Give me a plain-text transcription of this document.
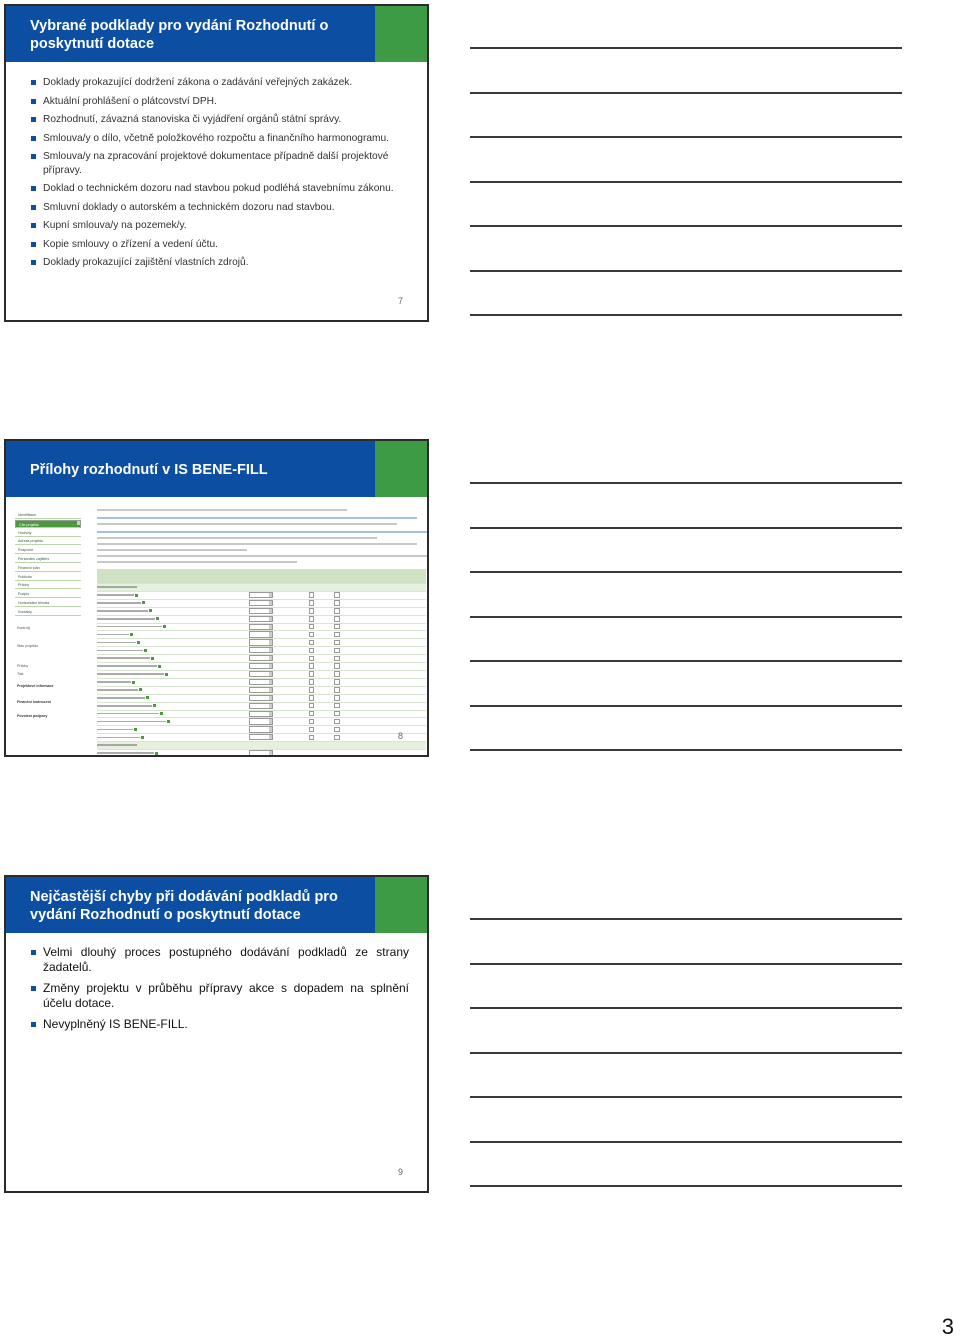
Vybrané podklady pro vydání Rozhodnutí o poskytnutí dotace
Doklady prokazující dodržení zákona o zadávání veřejných zakázek.
Aktuální prohlášení o plátcovství DPH.
Rozhodnutí, závazná stanoviska či vyjádření orgánů státní správy.
Smlouva/y o dílo, včetně položkového rozpočtu a finančního harmonogramu.
Smlouva/y na zpracování projektové dokumentace případně další projektové přípravy.
Doklad o technickém dozoru nad stavbou pokud podléhá stavebnímu zákonu.
Smluvní doklady o autorském a technickém dozoru nad stavbou.
Kupní smlouva/y na pozemek/y.
Kopie smlouvy o zřízení a vedení účtu.
Doklady prokazující zajištění vlastních zdrojů.
7
Přílohy rozhodnutí v IS BENE-FILL
Identifikace
Cíle projektu
Hodnoty
Adresa projektu
Rozpočet
Personální zajištění
Finanční plán
Publicita
Přílohy
Podpis
Horizontální témata
Kontakty
Kontroly
Stav projektu
Přílohy
Tisk
Projektové informace
Finanční hodnocení
Povolení podpory

8
Nejčastější chyby při dodávání podkladů pro vydání Rozhodnutí o poskytnutí dotace
Velmi dlouhý proces postupného dodávání podkladů ze strany žadatelů.
Změny projektu v průběhu přípravy akce s dopadem na splnění účelu dotace.
Nevyplněný IS BENE-FILL.
9
3
